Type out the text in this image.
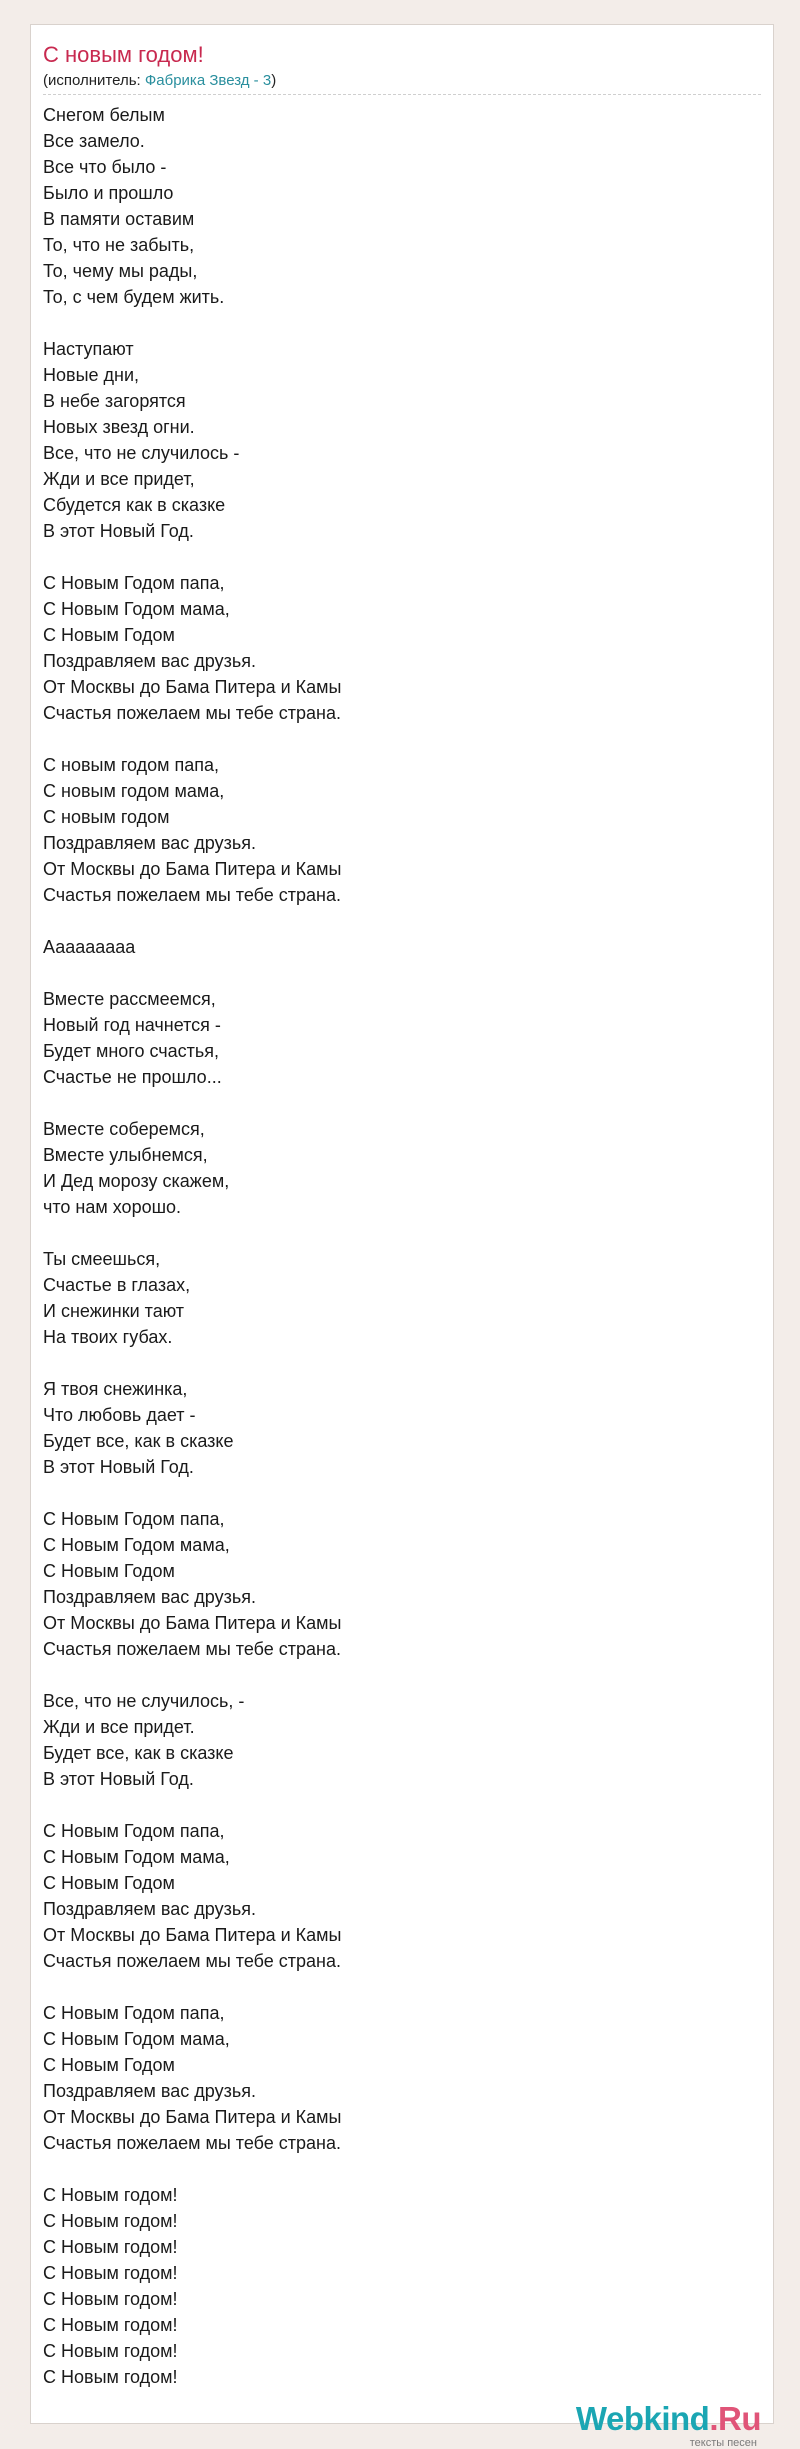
С новым годом!
(исполнитель: Фабрика Звезд - 3)
Снегом белым
Все замело.
Все что было -
Было и прошло
В памяти оставим
То, что не забыть,
То, чему мы рады,
То, с чем будем жить.
Наступают
Новые дни,
В небе загорятся
Новых звезд огни.
Все, что не случилось -
Жди и все придет,
Сбудется как в сказке
В этот Новый Год.
С Новым Годом папа,
С Новым Годом мама,
С Новым Годом
Поздравляем вас друзья.
От Москвы до Бама Питера и Камы
Счастья пожелаем мы тебе страна.
С новым годом папа,
С новым годом мама,
С новым годом
Поздравляем вас друзья.
От Москвы до Бама Питера и Камы
Счастья пожелаем мы тебе страна.
Ааааааааа
Вместе рассмеемся,
Новый год начнется -
Будет много счастья,
Счастье не прошло...
Вместе соберемся,
Вместе улыбнемся,
И Дед морозу скажем,
что нам хорошо.
Ты смеешься,
Счастье в глазах,
И снежинки тают
На твоих губах.
Я твоя снежинка,
Что любовь дает -
Будет все, как в сказке
В этот Новый Год.
С Новым Годом папа,
С Новым Годом мама,
С Новым Годом
Поздравляем вас друзья.
От Москвы до Бама Питера и Камы
Счастья пожелаем мы тебе страна.
Все, что не случилось, -
Жди и все придет.
Будет все, как в сказке
В этот Новый Год.
С Новым Годом папа,
С Новым Годом мама,
С Новым Годом
Поздравляем вас друзья.
От Москвы до Бама Питера и Камы
Счастья пожелаем мы тебе страна.
С Новым Годом папа,
С Новым Годом мама,
С Новым Годом
Поздравляем вас друзья.
От Москвы до Бама Питера и Камы
Счастья пожелаем мы тебе страна.
С Новым годом!
С Новым годом!
С Новым годом!
С Новым годом!
С Новым годом!
С Новым годом!
С Новым годом!
С Новым годом!
Webkind.Ru
тексты песен
